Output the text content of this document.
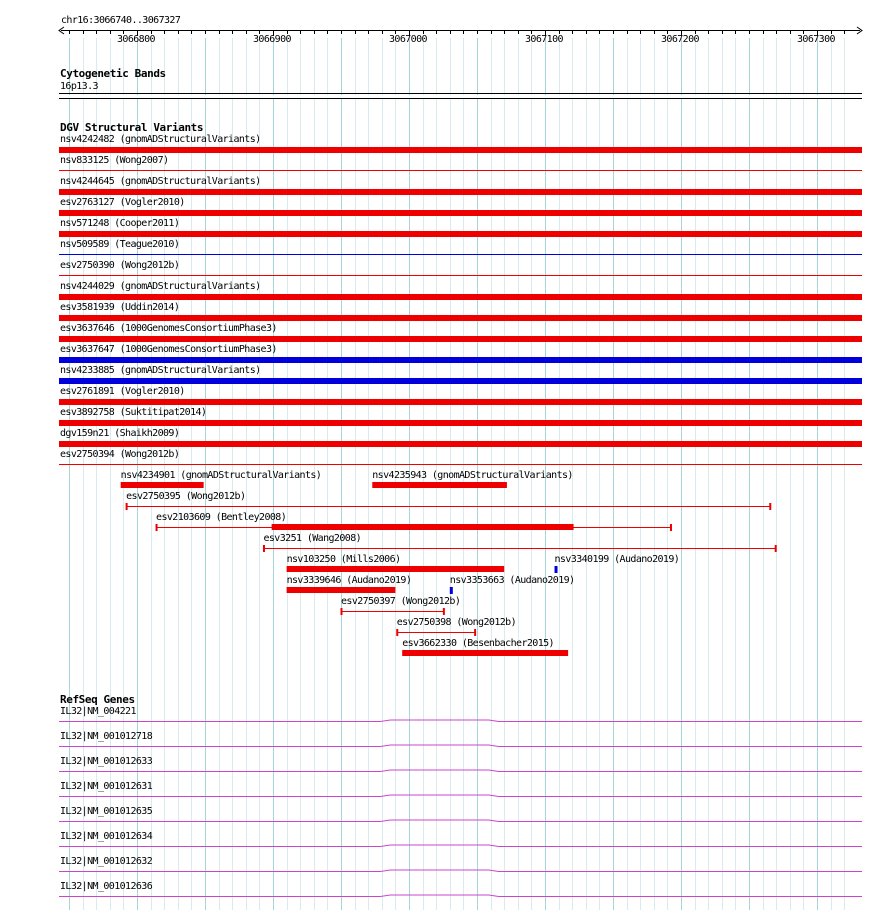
chr16:3066740..3067327
Cytogenetic Bands
16p13.3
DGV Structural Variants
RefSeq Genes
3066800	3066900	3067000	3067100	3067200	3067300
nsv4242482 (gnomADStructuralVariants)
nsv833125 (Wong2007)
nsv4244645 (gnomADStructuralVariants)
esv2763127 (Vogler2010)
nsv571248 (Cooper2011)
nsv509589 (Teague2010)
esv2750390 (Wong2012b)
nsv4244029 (gnomADStructuralVariants)
esv3581939 (Uddin2014)
esv3637646 (1000GenomesConsortiumPhase3)
esv3637647 (1000GenomesConsortiumPhase3)
nsv4233885 (gnomADStructuralVariants)
esv2761891 (Vogler2010)
esv3892758 (Suktitipat2014)
dgv159n21 (Shaikh2009)
esv2750394 (Wong2012b)
nsv4234901 (gnomADStructuralVariants)	nsv4235943 (gnomADStructuralVariants)
esv2750395 (Wong2012b)
esv2103609 (Bentley2008)
esv3251 (Wang2008)
nsv103250 (Mills2006)	nsv3340199 (Audano2019)
nsv3339646 (Audano2019)	nsv3353663 (Audano2019)
esv2750397 (Wong2012b)
esv2750398 (Wong2012b)
esv3662330 (Besenbacher2015)
IL32|NM_004221
IL32|NM_001012718
IL32|NM_001012633
IL32|NM_001012631
IL32|NM_001012635
IL32|NM_001012634
IL32|NM_001012632
IL32|NM_001012636
